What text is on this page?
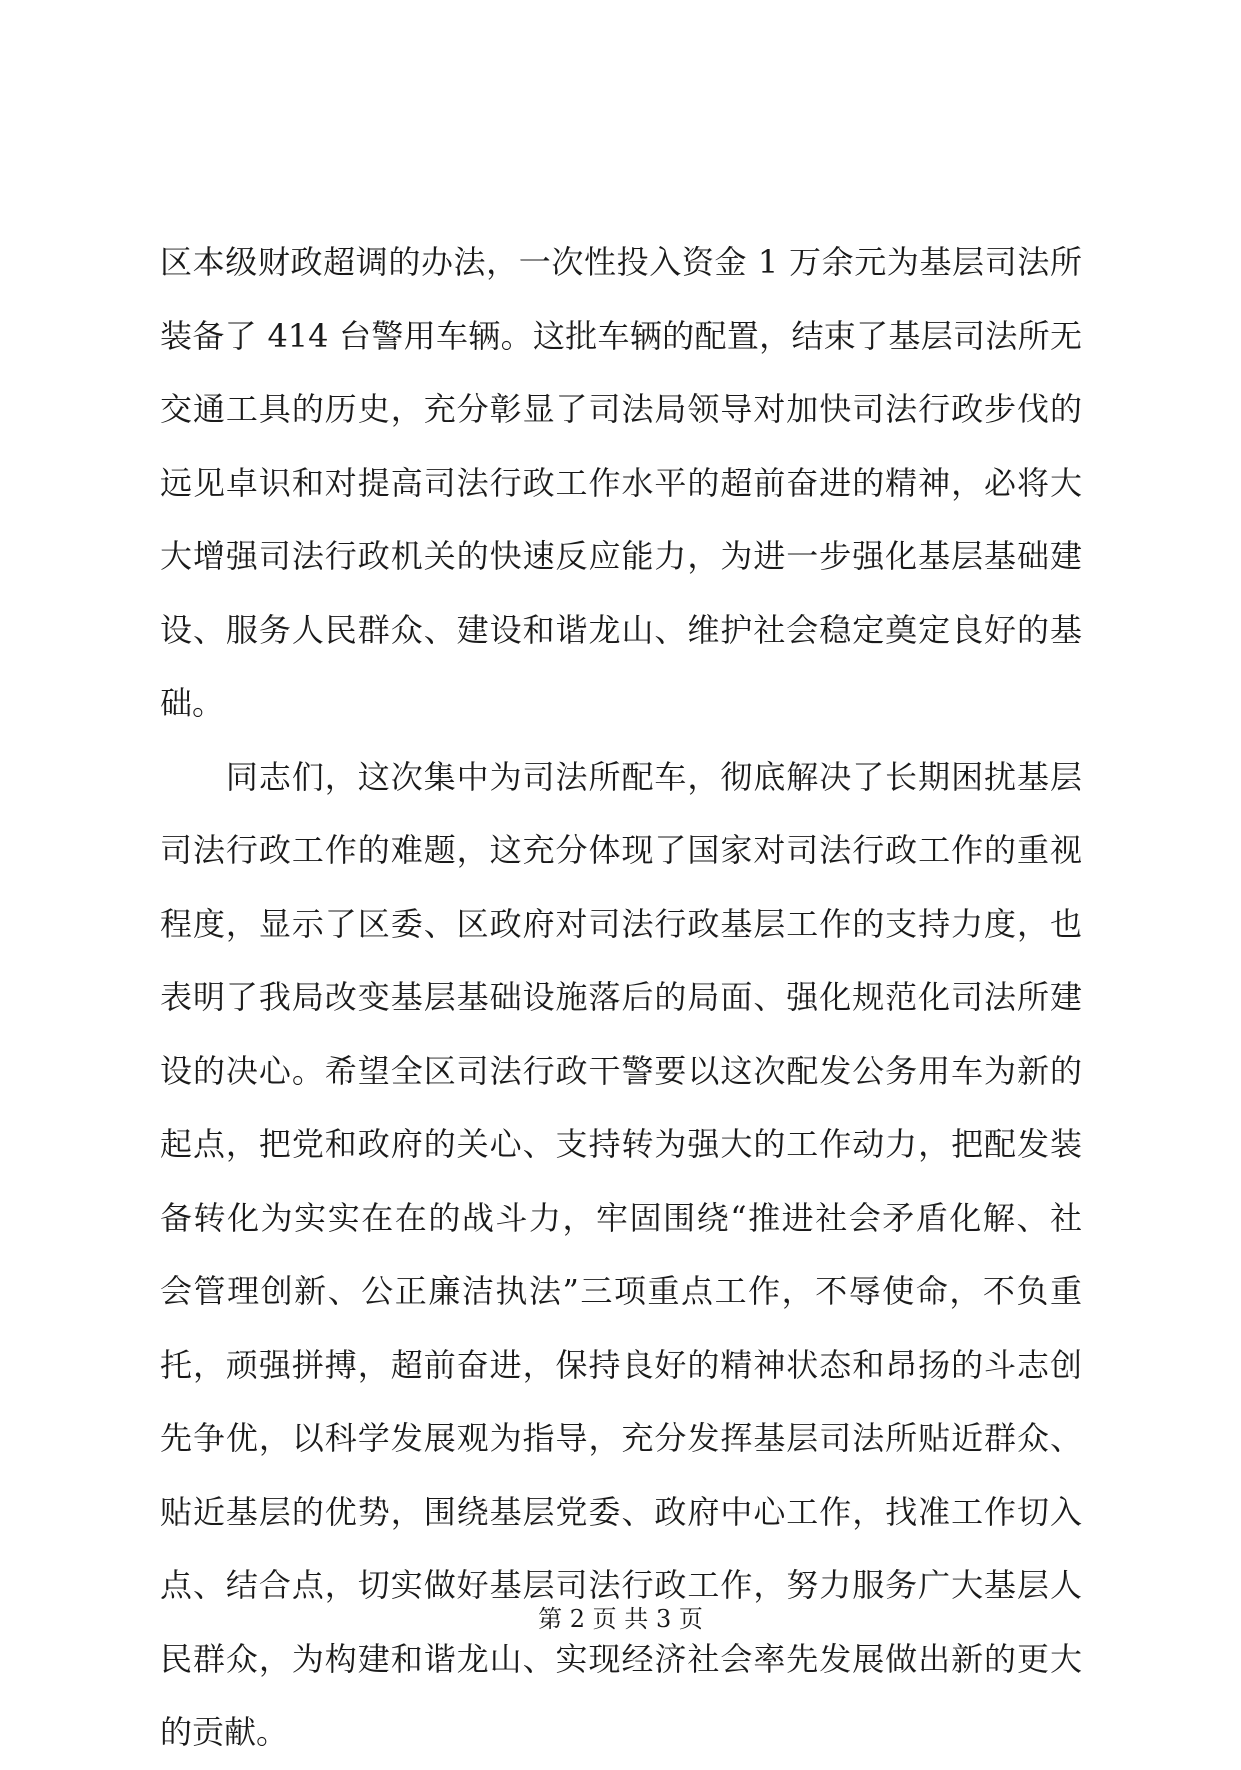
区本级财政超调的办法，一次性投入资金 1 万余元为基层司法所
装备了 414 台警用车辆。这批车辆的配置，结束了基层司法所无
交通工具的历史，充分彰显了司法局领导对加快司法行政步伐的
远见卓识和对提高司法行政工作水平的超前奋进的精神，必将大
大增强司法行政机关的快速反应能力，为进一步强化基层基础建
设、服务人民群众、建设和谐龙山、维护社会稳定奠定良好的基
础。
　　同志们，这次集中为司法所配车，彻底解决了长期困扰基层
司法行政工作的难题，这充分体现了国家对司法行政工作的重视
程度，显示了区委、区政府对司法行政基层工作的支持力度，也
表明了我局改变基层基础设施落后的局面、强化规范化司法所建
设的决心。希望全区司法行政干警要以这次配发公务用车为新的
起点，把党和政府的关心、支持转为强大的工作动力，把配发装
备转化为实实在在的战斗力，牢固围绕“推进社会矛盾化解、社
会管理创新、公正廉洁执法”三项重点工作，不辱使命，不负重
托，顽强拼搏，超前奋进，保持良好的精神状态和昂扬的斗志创
先争优，以科学发展观为指导，充分发挥基层司法所贴近群众、
贴近基层的优势，围绕基层党委、政府中心工作，找准工作切入
点、结合点，切实做好基层司法行政工作，努力服务广大基层人
民群众，为构建和谐龙山、实现经济社会率先发展做出新的更大
的贡献。
第 2 页 共 3 页
